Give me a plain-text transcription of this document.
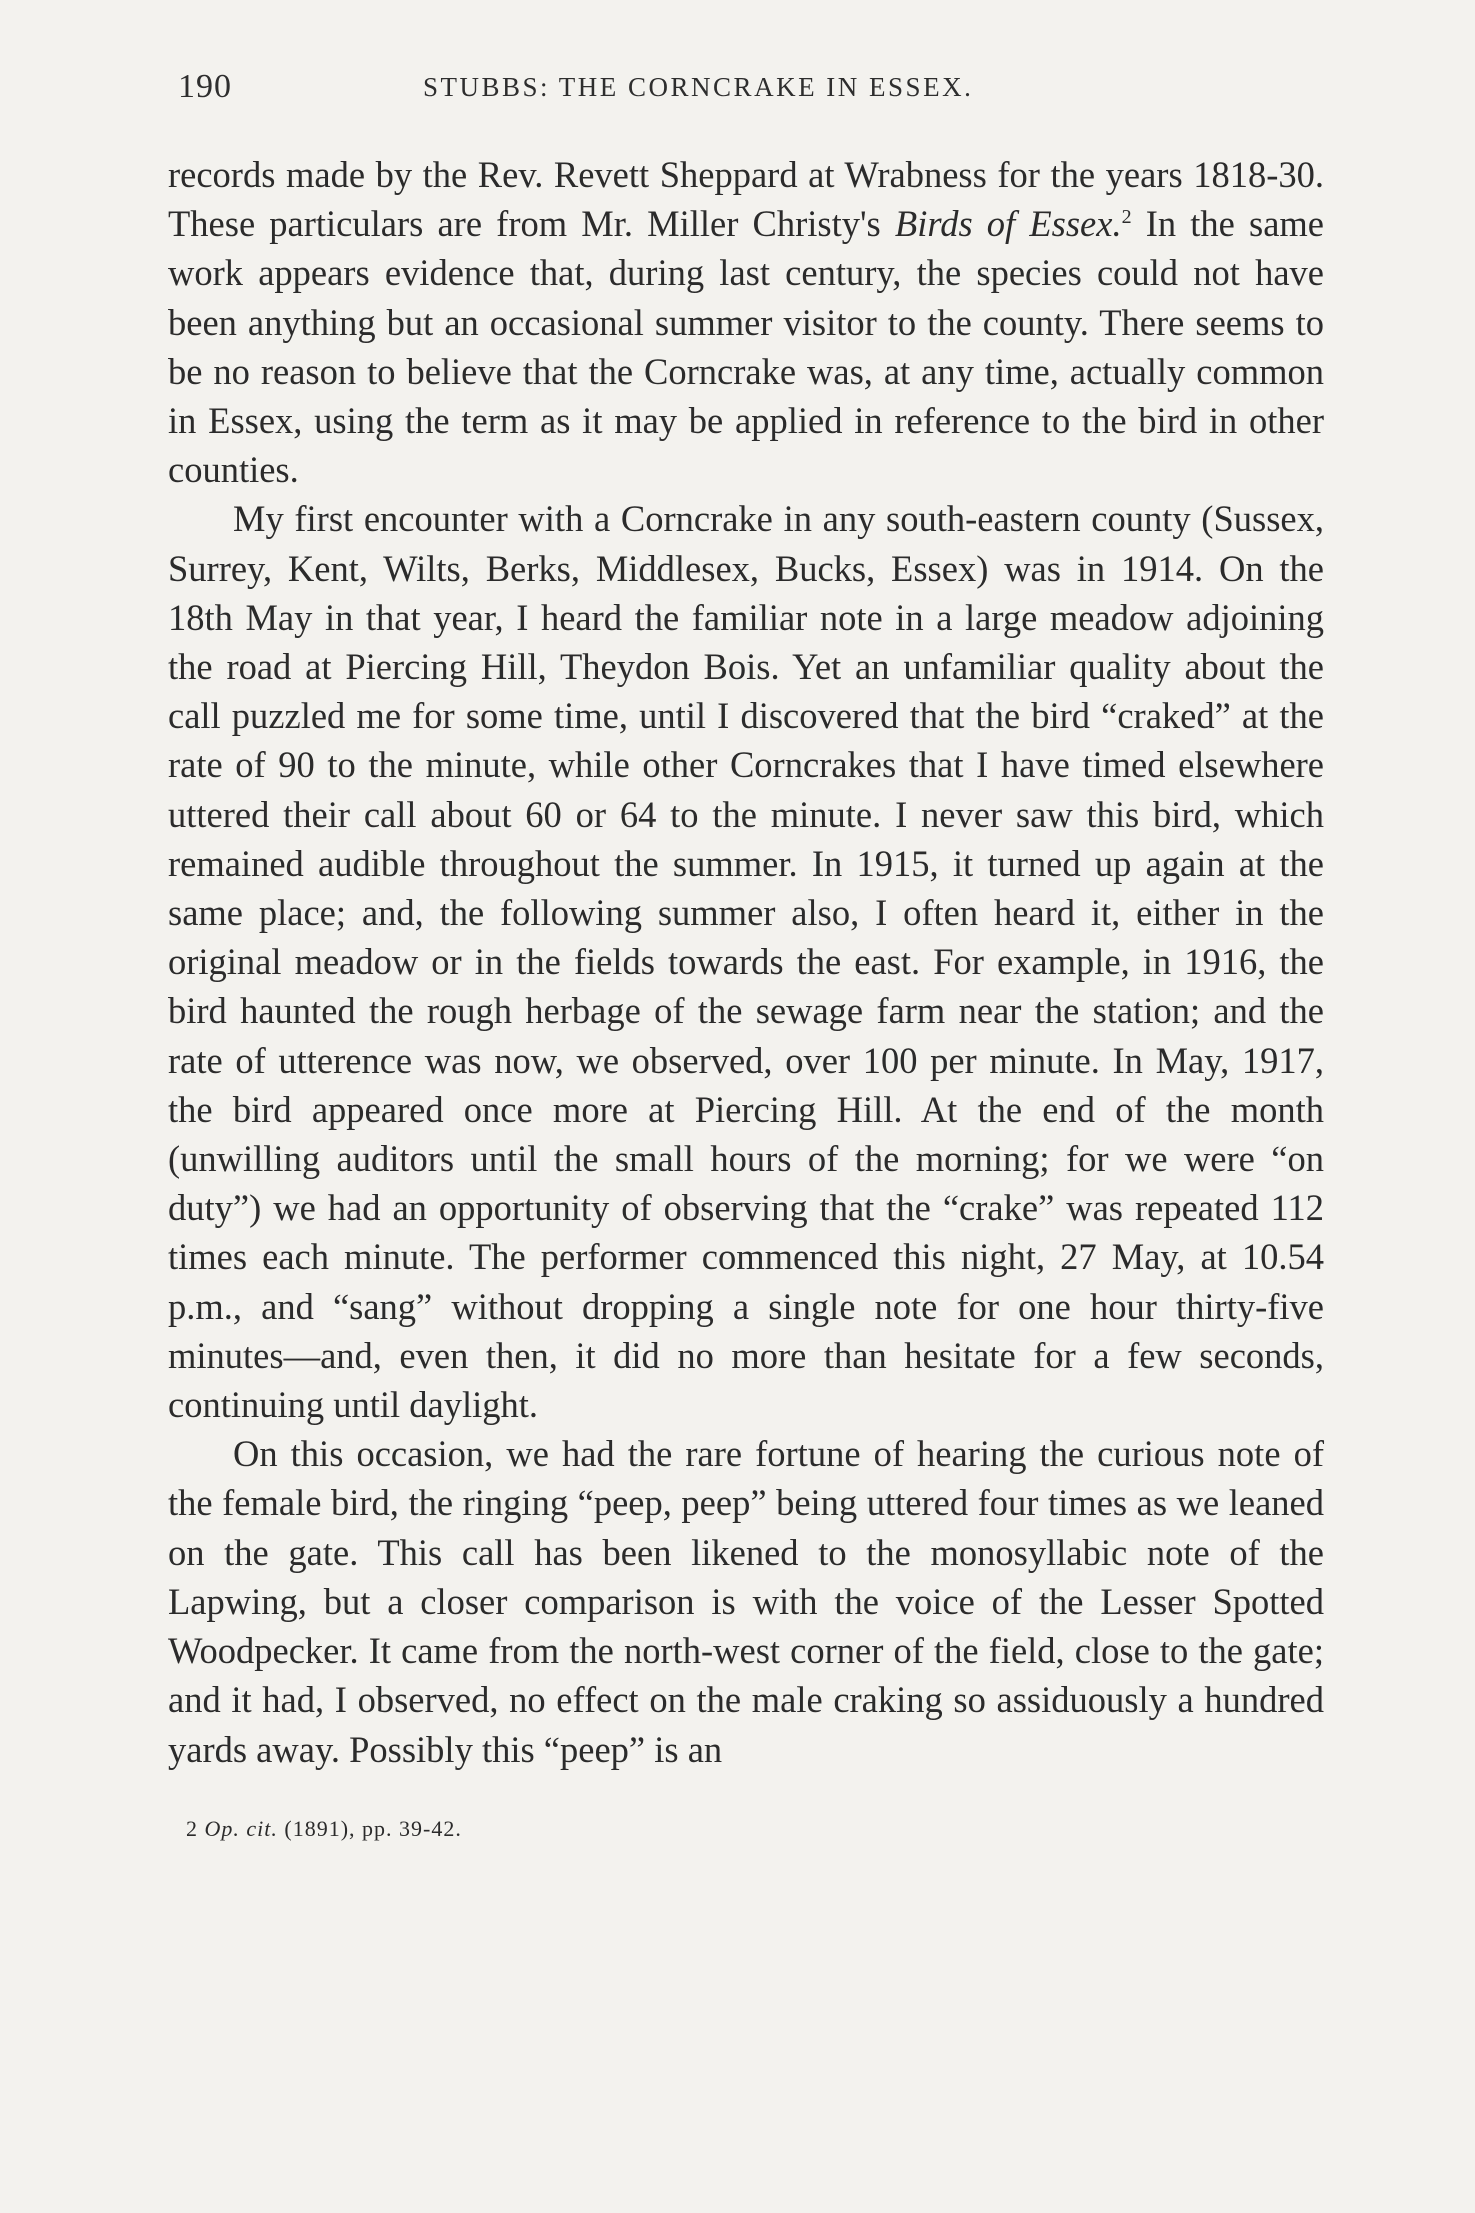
190	STUBBS: THE CORNCRAKE IN ESSEX.

records made by the Rev. Revett Sheppard at Wrabness for the years 1818-30. These particulars are from Mr. Miller Christy's Birds of Essex.$^2$ In the same work appears evidence that, during last century, the species could not have been anything but an occasional summer visitor to the county. There seems to be no reason to believe that the Corncrake was, at any time, actually common in Essex, using the term as it may be applied in reference to the bird in other counties.

My first encounter with a Corncrake in any south-eastern county (Sussex, Surrey, Kent, Wilts, Berks, Middlesex, Bucks, Essex) was in 1914. On the 18th May in that year, I heard the familiar note in a large meadow adjoining the road at Piercing Hill, Theydon Bois. Yet an unfamiliar quality about the call puzzled me for some time, until I discovered that the bird “craked” at the rate of 90 to the minute, while other Corncrakes that I have timed elsewhere uttered their call about 60 or 64 to the minute. I never saw this bird, which remained audible throughout the summer. In 1915, it turned up again at the same place; and, the following summer also, I often heard it, either in the original meadow or in the fields towards the east. For example, in 1916, the bird haunted the rough herbage of the sewage farm near the station; and the rate of utterence was now, we observed, over 100 per minute. In May, 1917, the bird appeared once more at Piercing Hill. At the end of the month (unwilling auditors until the small hours of the morning; for we were “on duty”) we had an opportunity of observing that the “crake” was repeated 112 times each minute. The performer commenced this night, 27 May, at 10.54 p.m., and “sang” without dropping a single note for one hour thirty-five minutes—and, even then, it did no more than hesitate for a few seconds, continuing until daylight.

On this occasion, we had the rare fortune of hearing the curious note of the female bird, the ringing “peep, peep” being uttered four times as we leaned on the gate. This call has been likened to the monosyllabic note of the Lapwing, but a closer comparison is with the voice of the Lesser Spotted Woodpecker. It came from the north-west corner of the field, close to the gate; and it had, I observed, no effect on the male craking so assiduously a hundred yards away. Possibly this “peep” is an

2 Op. cit. (1891), pp. 39-42.
